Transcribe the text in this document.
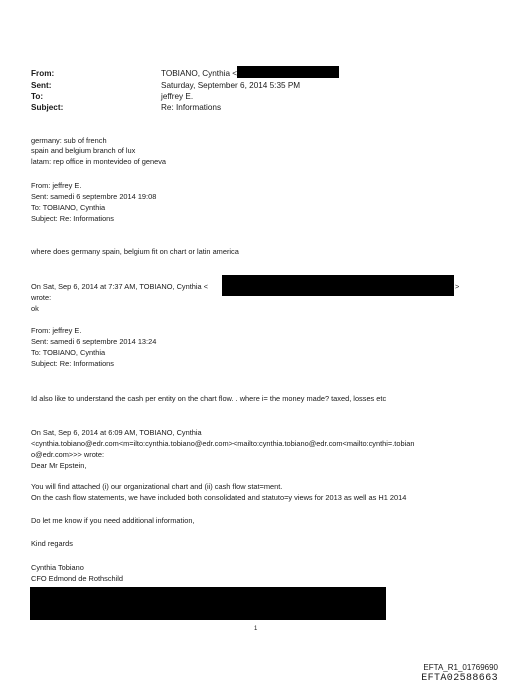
From:	TOBIANO, Cynthia <
Sent:	Saturday, September 6, 2014 5:35 PM
To:	jeffrey E.
Subject:	Re: Informations
germany: sub of french
spain and belgium branch of lux
latam: rep office in montevideo of geneva
From: jeffrey E.
Sent: samedi 6 septembre 2014 19:08
To: TOBIANO, Cynthia
Subject: Re: Informations
where does germany spain, belgium fit on chart or latin america
On Sat, Sep 6, 2014 at 7:37 AM, TOBIANO, Cynthia <	>
wrote:
ok
From: jeffrey E.
Sent: samedi 6 septembre 2014 13:24
To: TOBIANO, Cynthia
Subject: Re: Informations
Id also like to understand the cash per entity on the chart flow. . where i= the money made? taxed, losses etc
On Sat, Sep 6, 2014 at 6:09 AM, TOBIANO, Cynthia
<cynthia.tobiano@edr.com<m=ilto:cynthia.tobiano@edr.com><mailto:cynthia.tobiano@edr.com<mailto:cynthi=.tobian
o@edr.com>>> wrote:
Dear Mr Epstein,
You will find attached (i) our organizational chart and (ii) cash flow stat=ment.
On the cash flow statements, we have included both consolidated and statuto=y views for 2013 as well as H1 2014
Do let me know if you need additional information,
Kind regards
Cynthia Tobiano
CFO Edmond de Rothschild
1
EFTA_R1_01769690
EFTA02588663
